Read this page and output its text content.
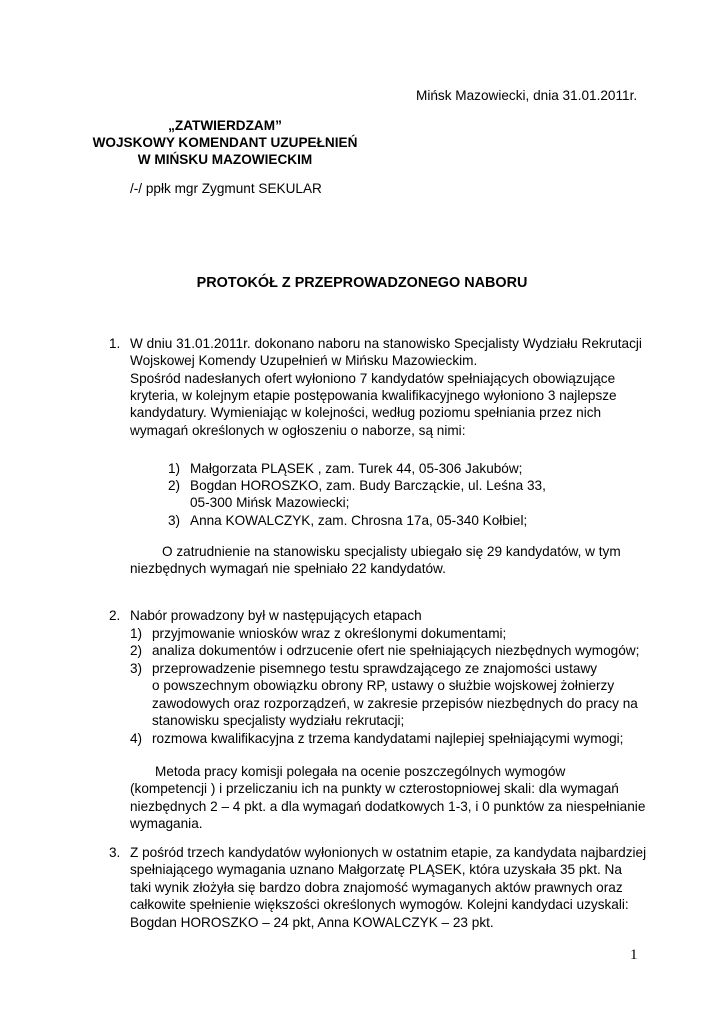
Mińsk Mazowiecki, dnia 31.01.2011r.
„ZATWIERDZAM”
WOJSKOWY KOMENDANT UZUPEŁNIEŃ
W MIŃSKU MAZOWIECKIM
/-/ ppłk mgr Zygmunt SEKULAR
PROTOKÓŁ Z PRZEPROWADZONEGO NABORU
1. W dniu 31.01.2011r. dokonano naboru na stanowisko Specjalisty Wydziału Rekrutacji
Wojskowej Komendy Uzupełnień w Mińsku Mazowieckim.
Spośród nadesłanych ofert wyłoniono 7 kandydatów spełniających obowiązujące
kryteria, w kolejnym etapie postępowania kwalifikacyjnego wyłoniono 3 najlepsze
kandydatury. Wymieniając w kolejności, według poziomu spełniania przez nich
wymagań określonych w ogłoszeniu o naborze, są nimi:
1) Małgorzata PLĄSEK , zam. Turek 44, 05-306 Jakubów;
2) Bogdan HOROSZKO, zam. Budy Barcząckie, ul. Leśna 33,
05-300 Mińsk Mazowiecki;
3) Anna KOWALCZYK, zam. Chrosna 17a, 05-340 Kołbiel;
O zatrudnienie na stanowisku specjalisty ubiegało się 29 kandydatów, w tym
niezbędnych wymagań nie spełniało 22 kandydatów.
2. Nabór prowadzony był w następujących etapach
1) przyjmowanie wniosków wraz z określonymi dokumentami;
2) analiza dokumentów i odrzucenie ofert nie spełniających niezbędnych wymogów;
3) przeprowadzenie pisemnego testu sprawdzającego ze znajomości ustawy
o powszechnym obowiązku obrony RP, ustawy o służbie wojskowej żołnierzy
zawodowych oraz rozporządzeń, w zakresie przepisów niezbędnych do pracy na
stanowisku specjalisty wydziału rekrutacji;
4) rozmowa kwalifikacyjna z trzema kandydatami najlepiej spełniającymi wymogi;
Metoda pracy komisji polegała na ocenie poszczególnych wymogów
(kompetencji ) i przeliczaniu ich na punkty w czterostopniowej skali: dla wymagań
niezbędnych 2 – 4 pkt. a dla wymagań dodatkowych 1-3, i 0 punktów za niespełnianie
wymagania.
3. Z pośród trzech kandydatów wyłonionych w ostatnim etapie, za kandydata najbardziej
spełniającego wymagania uznano Małgorzatę PLĄSEK, która uzyskała 35 pkt. Na
taki wynik złożyła się bardzo dobra znajomość wymaganych aktów prawnych oraz
całkowite spełnienie większości określonych wymogów. Kolejni kandydaci uzyskali:
Bogdan HOROSZKO – 24 pkt, Anna KOWALCZYK – 23 pkt.
1
